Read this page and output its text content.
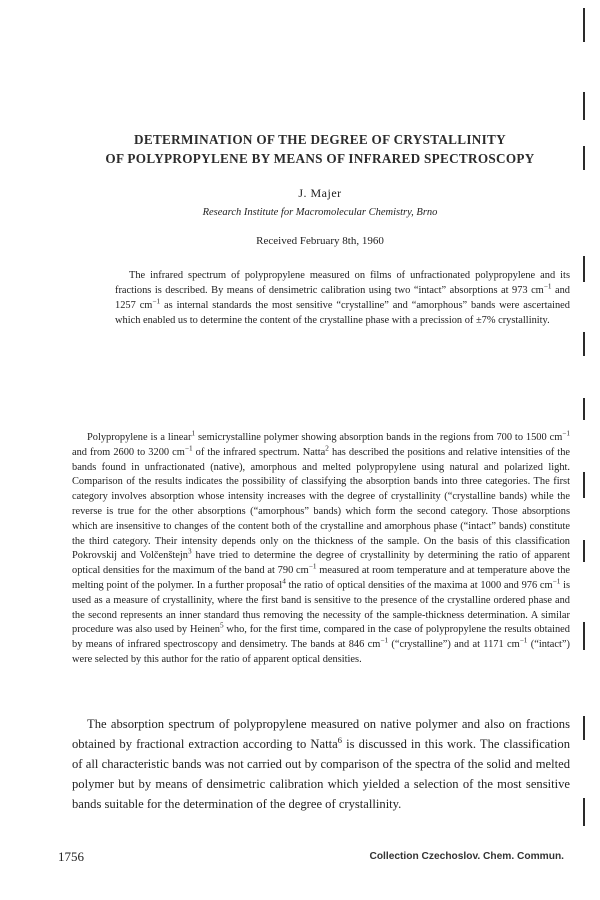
DETERMINATION OF THE DEGREE OF CRYSTALLINITY
OF POLYPROPYLENE BY MEANS OF INFRARED SPECTROSCOPY
J. Majer
Research Institute for Macromolecular Chemistry, Brno
Received February 8th, 1960
The infrared spectrum of polypropylene measured on films of unfractionated polypropylene and its fractions is described. By means of densimetric calibration using two “intact” absorptions at 973 $cm^{-1}$ and 1257 $cm^{-1}$ as internal standards the most sensitive “crystalline” and “amorphous” bands were ascertained which enabled us to determine the content of the crystalline phase with a precission of ±7% crystallinity.
Polypropylene is a linear$^1$ semicrystalline polymer showing absorption bands in the regions from 700 to 1500 $cm^{-1}$ and from 2600 to 3200 $cm^{-1}$ of the infrared spectrum. Natta$^2$ has described the positions and relative intensities of the bands found in unfractionated (native), amorphous and melted polypropylene using natural and polarized light. Comparison of the results indicates the possibility of classifying the absorption bands into three categories. The first category involves absorption whose intensity increases with the degree of crystallinity (“crystalline bands) while the reverse is true for the other absorptions (“amorphous” bands) which form the second category. Those absorptions which are insensitive to changes of the content both of the crystalline and amorphous phase (“intact” bands) constitute the third category. Their intensity depends only on the thickness of the sample. On the basis of this classification Pokrovskij and Volčenštejn$^3$ have tried to determine the degree of crystallinity by determining the ratio of apparent optical densities for the maximum of the band at 790 $cm^{-1}$ measured at room temperature and at temperature above the melting point of the polymer. In a further proposal$^4$ the ratio of optical densities of the maxima at 1000 and 976 $cm^{-1}$ is used as a measure of crystallinity, where the first band is sensitive to the presence of the crystalline ordered phase and the second represents an inner standard thus removing the necessity of the sample-thickness determination. A similar procedure was also used by Heinen$^5$ who, for the first time, compared in the case of polypropylene the results obtained by means of infrared spectroscopy and densimetry. The bands at 846 $cm^{-1}$ (“crystalline”) and at 1171 $cm^{-1}$ (“intact”) were selected by this author for the ratio of apparent optical densities.
The absorption spectrum of polypropylene measured on native polymer and also on fractions obtained by fractional extraction according to Natta$^6$ is discussed in this work. The classification of all characteristic bands was not carried out by comparison of the spectra of the solid and melted polymer but by means of densimetric calibration which yielded a selection of the most sensitive bands suitable for the determination of the degree of crystallinity.
1756	Collection Czechoslov. Chem. Commun.
